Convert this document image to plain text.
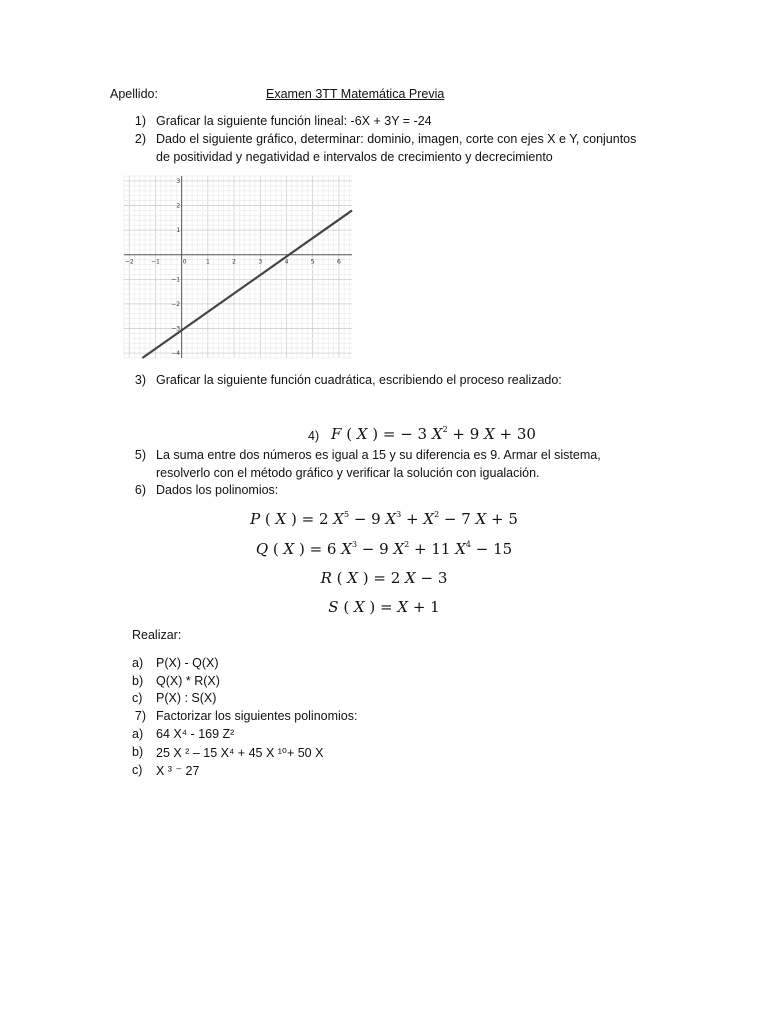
Apellido:	Examen 3TT Matemática Previa
1) Graficar la siguiente función lineal: -6X + 3Y = -24
2) Dado el siguiente gráfico, determinar: dominio, imagen, corte con ejes X e Y, conjuntos
de positividad y negatividad e intervalos de crecimiento y decrecimiento
−2	−1	0	1	2	3	4	5	6
−4
−3
−2
−1
1
2
3
3) Graficar la siguiente función cuadrática, escribiendo el proceso realizado:
4) F ( X ) = − 3 $X^2 + 9$ X + 30
5) La suma entre dos números es igual a 15 y su diferencia es 9. Armar el sistema,
resolverlo con el método gráfico y verificar la solución con igualación.
6) Dados los polinomios:
P ( X ) = 2 $X^5 - 9$ $X^3 + X^2 - 7$ X + 5
Q ( X ) = 6 $X^3 - 9$ $X^2 + 11$ $X^4 - 15$
R ( X ) = 2 X − 3
S ( X ) = X + 1
Realizar:
a)	P(X) - Q(X)
b)	Q(X) * R(X)
c)	P(X) : S(X)
7) Factorizar los siguientes polinomios:
a)	64 X⁴ - 169 Z²
b)	25 X ² – 15 X⁴ + 45 X ¹⁰+ 50 X
c)	X ³ ⁻ 27
